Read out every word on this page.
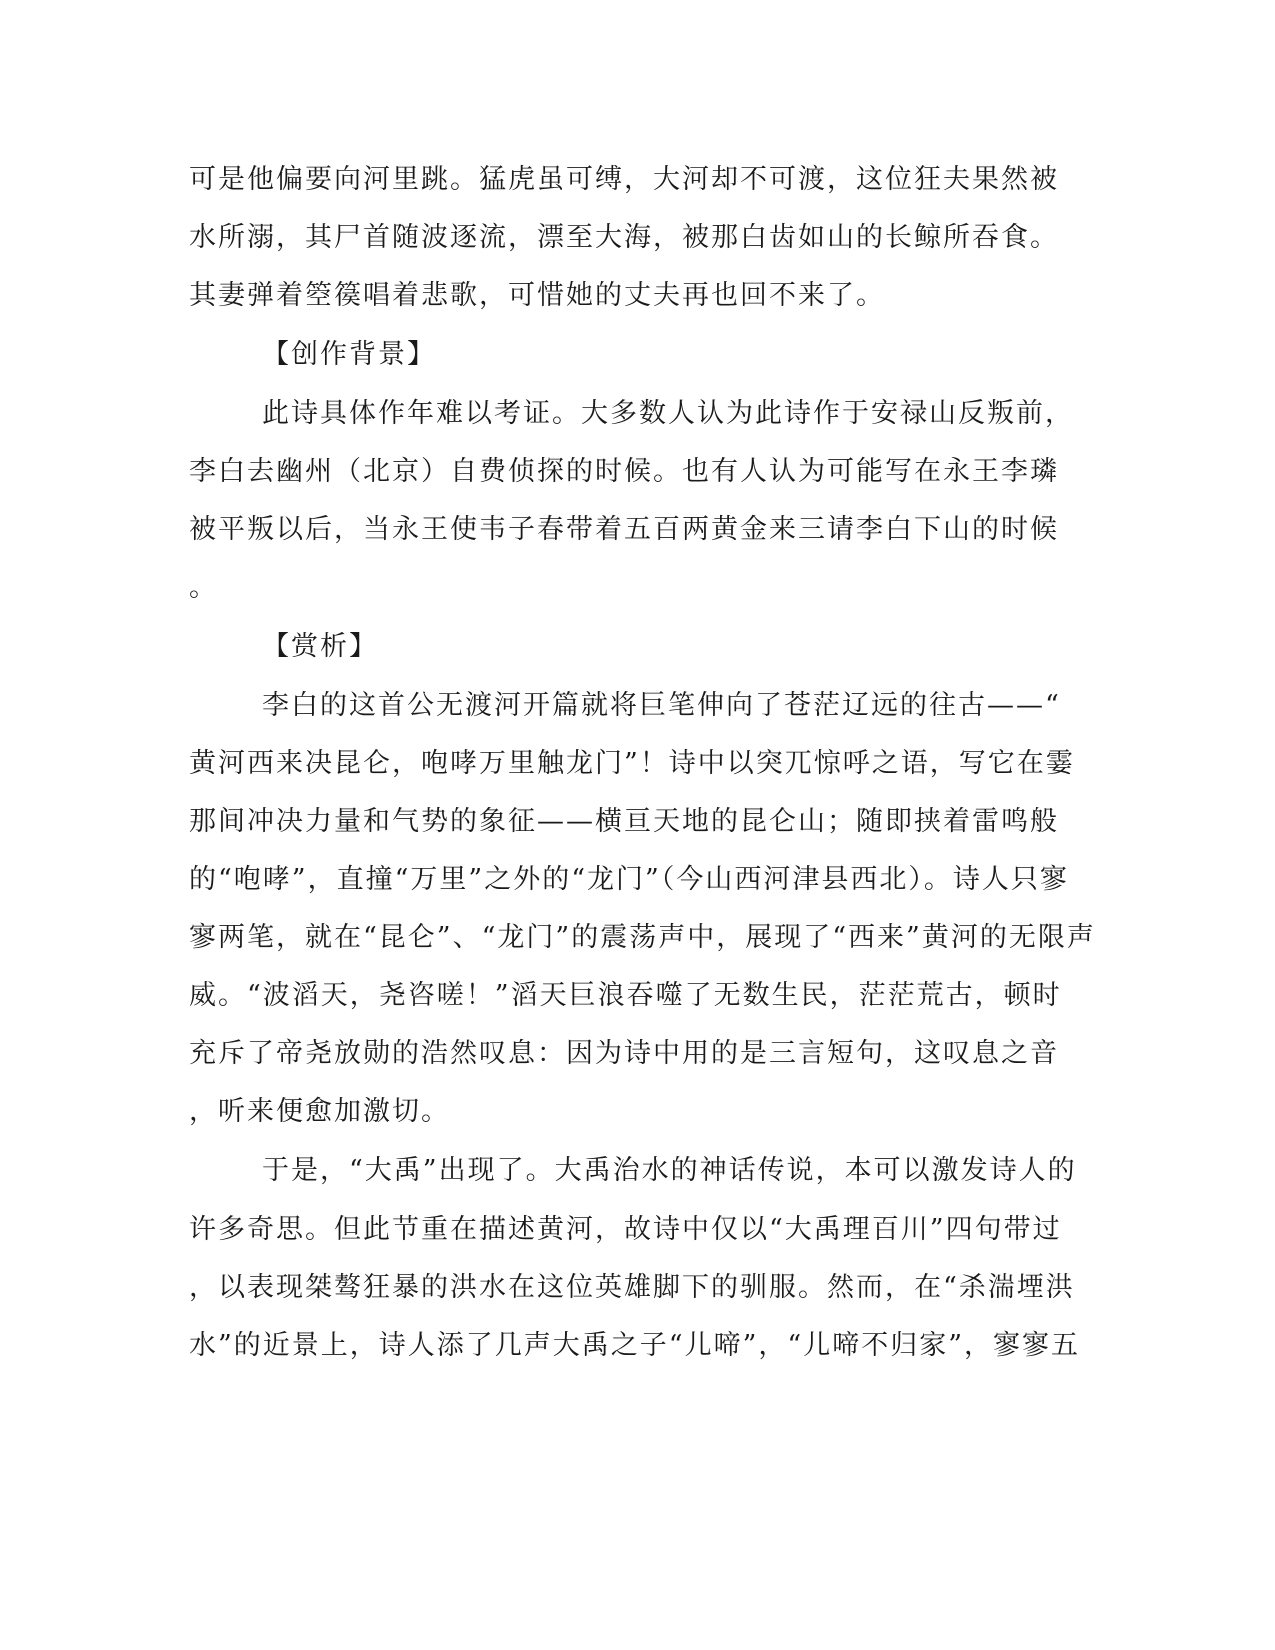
可是他偏要向河里跳。猛虎虽可缚，大河却不可渡，这位狂夫果然被
水所溺，其尸首随波逐流，漂至大海，被那白齿如山的长鲸所吞食。
其妻弹着箜篌唱着悲歌，可惜她的丈夫再也回不来了。
【创作背景】
此诗具体作年难以考证。大多数人认为此诗作于安禄山反叛前，
李白去幽州（北京）自费侦探的时候。也有人认为可能写在永王李璘
被平叛以后，当永王使韦子春带着五百两黄金来三请李白下山的时候
。
【赏析】
李白的这首公无渡河开篇就将巨笔伸向了苍茫辽远的往古——“
黄河西来决昆仑，咆哮万里触龙门”！诗中以突兀惊呼之语，写它在霎
那间冲决力量和气势的象征——横亘天地的昆仑山；随即挟着雷鸣般
的“咆哮”，直撞“万里”之外的“龙门”（今山西河津县西北）。诗人只寥
寥两笔，就在“昆仑”、“龙门”的震荡声中，展现了“西来”黄河的无限声
威。“波滔天，尧咨嗟！”滔天巨浪吞噬了无数生民，茫茫荒古，顿时
充斥了帝尧放勋的浩然叹息：因为诗中用的是三言短句，这叹息之音
，听来便愈加激切。
于是，“大禹”出现了。大禹治水的神话传说，本可以激发诗人的
许多奇思。但此节重在描述黄河，故诗中仅以“大禹理百川”四句带过
，以表现桀骜狂暴的洪水在这位英雄脚下的驯服。然而，在“杀湍堙洪
水”的近景上，诗人添了几声大禹之子“儿啼”，“儿啼不归家”，寥寥五
